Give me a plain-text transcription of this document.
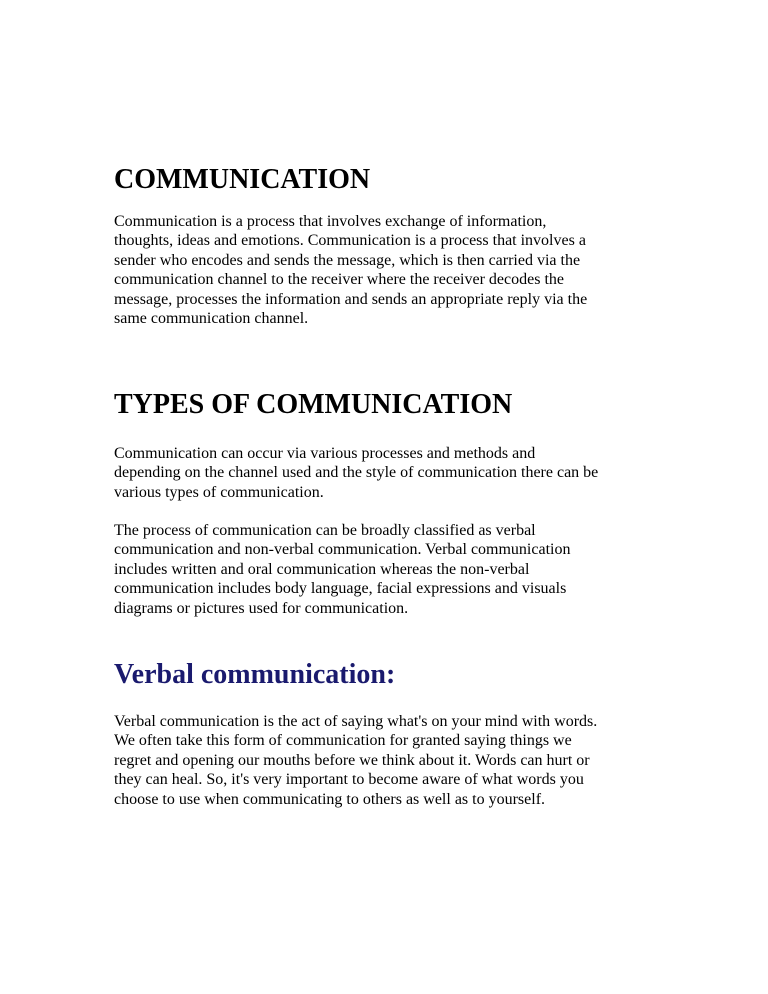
COMMUNICATION

Communication is a process that involves exchange of information,
thoughts, ideas and emotions. Communication is a process that involves a
sender who encodes and sends the message, which is then carried via the
communication channel to the receiver where the receiver decodes the
message, processes the information and sends an appropriate reply via the
same communication channel.

TYPES OF COMMUNICATION

Communication can occur via various processes and methods and
depending on the channel used and the style of communication there can be
various types of communication.

The process of communication can be broadly classified as verbal
communication and non-verbal communication. Verbal communication
includes written and oral communication whereas the non-verbal
communication includes body language, facial expressions and visuals
diagrams or pictures used for communication.

Verbal communication:

Verbal communication is the act of saying what's on your mind with words.
We often take this form of communication for granted saying things we
regret and opening our mouths before we think about it. Words can hurt or
they can heal. So, it's very important to become aware of what words you
choose to use when communicating to others as well as to yourself.
